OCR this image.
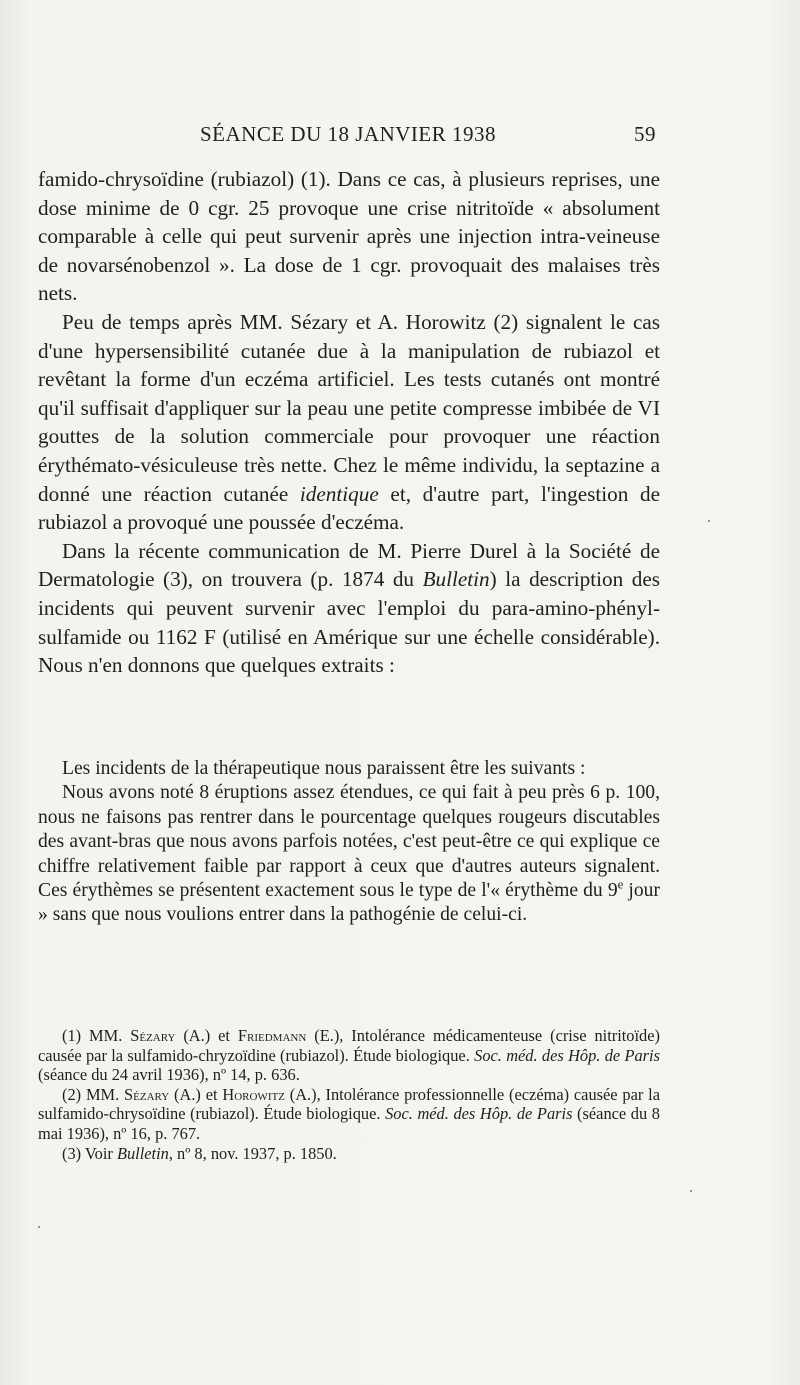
SÉANCE DU 18 JANVIER 1938	59

famido-chrysoïdine (rubiazol) (1). Dans ce cas, à plusieurs reprises, une dose minime de 0 cgr. 25 provoque une crise nitritoïde « absolument comparable à celle qui peut survenir après une injection intra-veineuse de novarsénobenzol ». La dose de 1 cgr. provoquait des malaises très nets.

Peu de temps après MM. Sézary et A. Horowitz (2) signalent le cas d'une hypersensibilité cutanée due à la manipulation de rubiazol et revêtant la forme d'un eczéma artificiel. Les tests cutanés ont montré qu'il suffisait d'appliquer sur la peau une petite compresse imbibée de VI gouttes de la solution commerciale pour provoquer une réaction érythémato-vésiculeuse très nette. Chez le même individu, la septazine a donné une réaction cutanée identique et, d'autre part, l'ingestion de rubiazol a provoqué une poussée d'eczéma.

Dans la récente communication de M. Pierre Durel à la Société de Dermatologie (3), on trouvera (p. 1874 du Bulletin) la description des incidents qui peuvent survenir avec l'emploi du para-amino-phényl-sulfamide ou 1162 F (utilisé en Amérique sur une échelle considérable). Nous n'en donnons que quelques extraits :

Les incidents de la thérapeutique nous paraissent être les suivants :

Nous avons noté 8 éruptions assez étendues, ce qui fait à peu près 6 p. 100, nous ne faisons pas rentrer dans le pourcentage quelques rougeurs discutables des avant-bras que nous avons parfois notées, c'est peut-être ce qui explique ce chiffre relativement faible par rapport à ceux que d'autres auteurs signalent. Ces érythèmes se présentent exactement sous le type de l'« érythème du 9e jour » sans que nous voulions entrer dans la pathogénie de celui-ci.

(1) MM. Sézary (A.) et Friedmann (E.), Intolérance médicamenteuse (crise nitritoïde) causée par la sulfamido-chryzoïdine (rubiazol). Étude biologique. Soc. méd. des Hôp. de Paris (séance du 24 avril 1936), nº 14, p. 636.

(2) MM. Sézary (A.) et Horowitz (A.), Intolérance professionnelle (eczéma) causée par la sulfamido-chrysoïdine (rubiazol). Étude biologique. Soc. méd. des Hôp. de Paris (séance du 8 mai 1936), nº 16, p. 767.

(3) Voir Bulletin, nº 8, nov. 1937, p. 1850.
